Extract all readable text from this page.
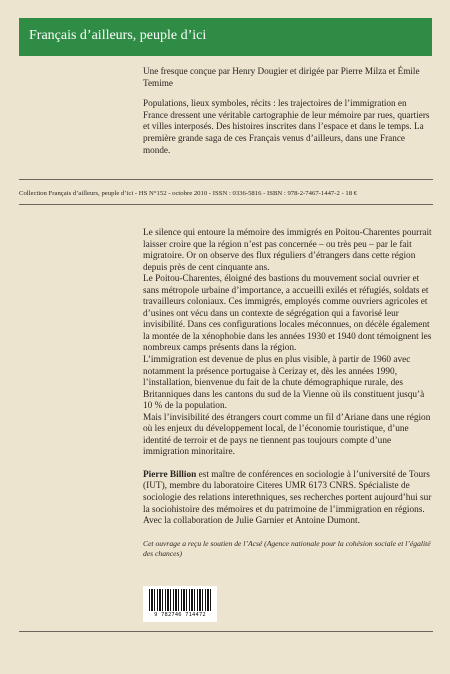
Français d’ailleurs, peuple d’ici

Une fresque conçue par Henry Dougier et dirigée par Pierre Milza et Émile Temime

Populations, lieux symboles, récits : les trajectoires de l’immigration en France dressent une véritable cartographie de leur mémoire par rues, quartiers et villes interposés. Des histoires inscrites dans l’espace et dans le temps. La première grande saga de ces Français venus d’ailleurs, dans une France monde.

Collection Français d’ailleurs, peuple d’ici - HS N°152 - octobre 2010 - ISSN : 0336-5816 - ISBN : 978-2-7467-1447-2 - 18 €

Le silence qui entoure la mémoire des immigrés en Poitou-Charentes pourrait laisser croire que la région n’est pas concernée – ou très peu – par le fait migratoire. Or on observe des flux réguliers d’étrangers dans cette région depuis près de cent cinquante ans.

Le Poitou-Charentes, éloigné des bastions du mouvement social ouvrier et sans métropole urbaine d’importance, a accueilli exilés et réfugiés, soldats et travailleurs coloniaux. Ces immigrés, employés comme ouvriers agricoles et d’usines ont vécu dans un contexte de ségrégation qui a favorisé leur invisibilité. Dans ces configurations locales méconnues, on décèle également la montée de la xénophobie dans les années 1930 et 1940 dont témoignent les nombreux camps présents dans la région.

L’immigration est devenue de plus en plus visible, à partir de 1960 avec notamment la présence portugaise à Cerizay et, dès les années 1990, l’installation, bienvenue du fait de la chute démographique rurale, des Britanniques dans les cantons du sud de la Vienne où ils constituent jusqu’à 10 % de la population.

Mais l’invisibilité des étrangers court comme un fil d’Ariane dans une région où les enjeux du développement local, de l’économie touristique, d’une identité de terroir et de pays ne tiennent pas toujours compte d’une immigration minoritaire.

Pierre Billion est maître de conférences en sociologie à l’université de Tours (IUT), membre du laboratoire Citeres UMR 6173 CNRS. Spécialiste de sociologie des relations interethniques, ses recherches portent aujourd’hui sur la sociohistoire des mémoires et du patrimoine de l’immigration en régions.

Avec la collaboration de Julie Garnier et Antoine Dumont.

Cet ouvrage a reçu le soutien de l’Acsé (Agence nationale pour la cohésion sociale et l’égalité des chances)

9 782746 714472
